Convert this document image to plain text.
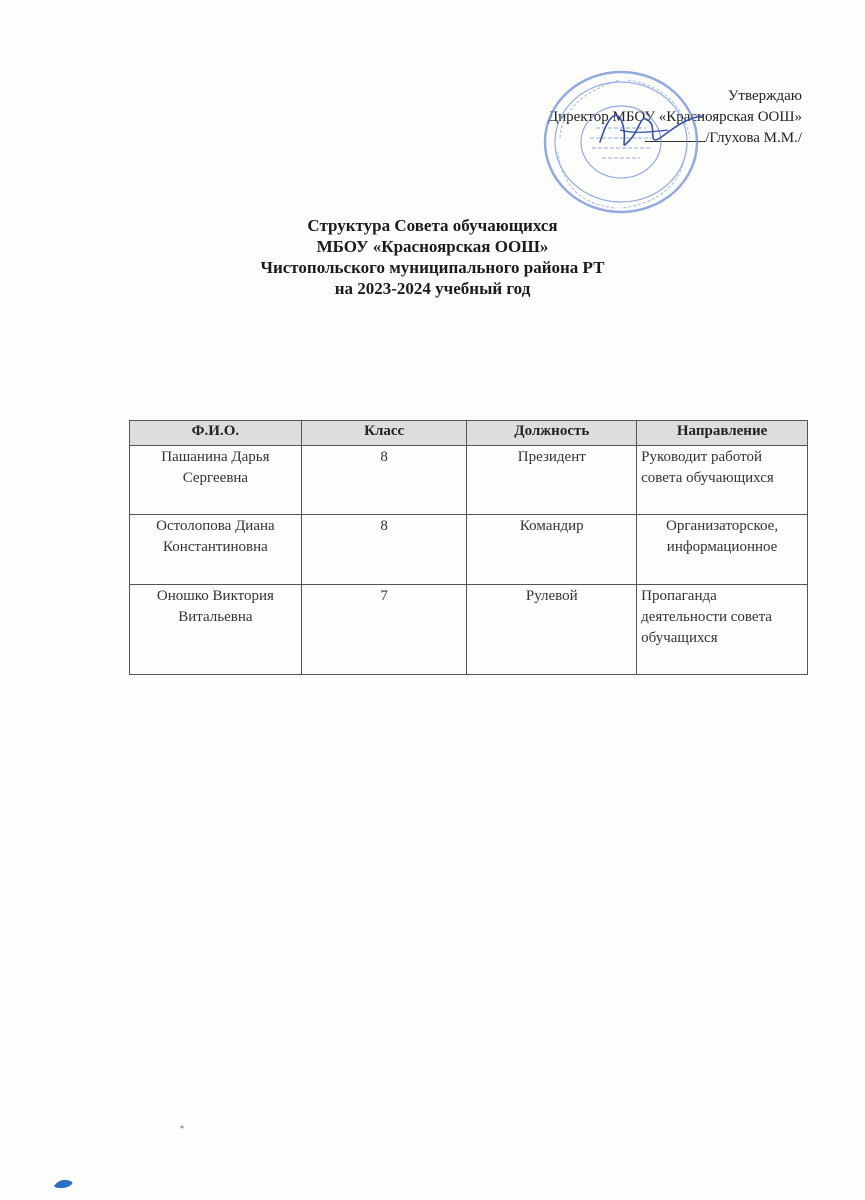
Утверждаю
Директор МБОУ «Красноярская ООШ»
/Глухова М.М./
Структура Совета обучающихся
МБОУ «Красноярская ООШ»
Чистопольского муниципального района РТ
на 2023-2024 учебный год
Ф.И.О.	Класс	Должность	Направление
Пашанина Дарья Сергеевна	8	Президент	Руководит работой совета обучающихся
Остолопова Диана Константиновна	8	Командир	Организаторское, информационное
Оношко Виктория Витальевна	7	Рулевой	Пропаганда деятельности совета обучащихся
